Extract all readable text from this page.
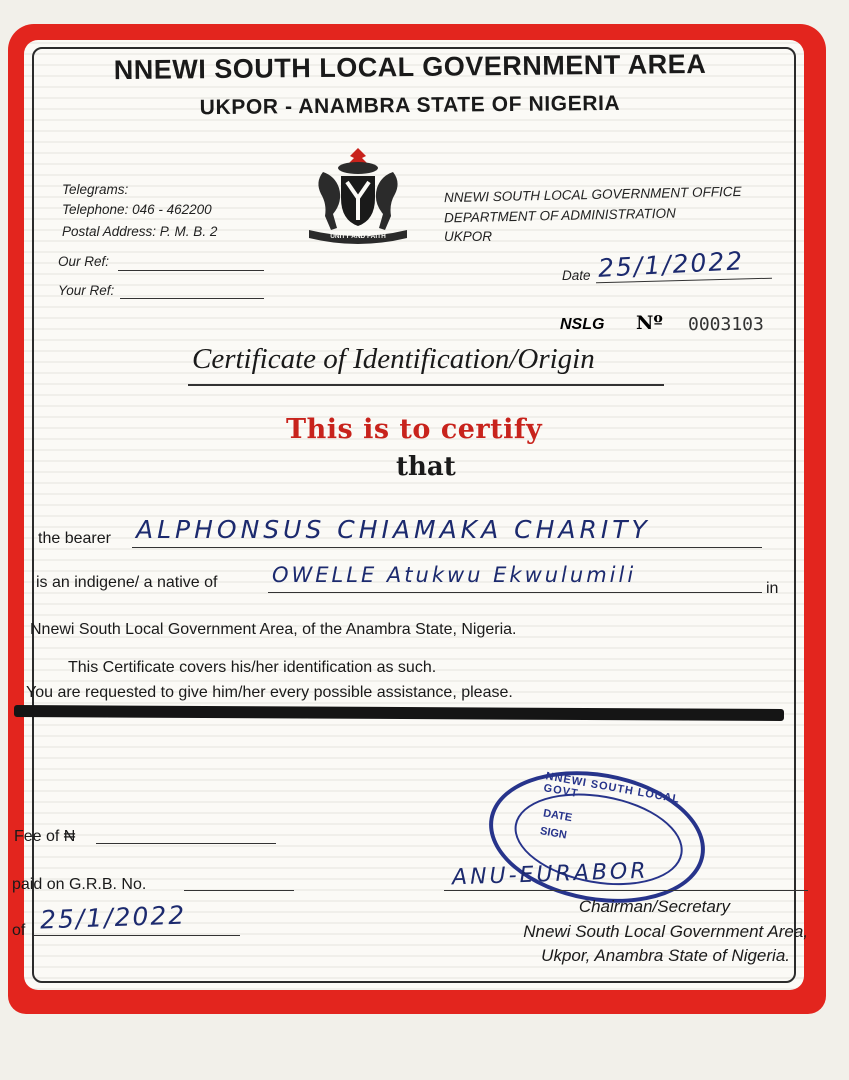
NNEWI SOUTH LOCAL GOVERNMENT AREA
UKPOR - ANAMBRA STATE OF NIGERIA
UNITY AND FAITH
Telegrams:
Telephone: 046 - 462200
Postal Address: P. M. B. 2
NNEWI SOUTH LOCAL GOVERNMENT OFFICE
DEPARTMENT OF ADMINISTRATION
UKPOR
Our Ref:
Your Ref:
Date 25/1/2022
NSLG Nº 0003103
Certificate of Identification/Origin
This is to certify
that
the bearer ALPHONSUS CHIAMAKA CHARITY
is an indigene/ a native of	OWELLE Atukwu Ekwulumili
in
Nnewi South Local Government Area, of the Anambra State, Nigeria.
This Certificate covers his/her identification as such.
You are requested to give him/her every possible assistance, please.
Fee of ₦
paid on G.R.B. No.
of 25/1/2022
NNEWI SOUTH LOCAL GOVT
DATE
SIGN
ANU-EURABOR
Chairman/Secretary
Nnewi South Local Government Area,
Ukpor, Anambra State of Nigeria.
